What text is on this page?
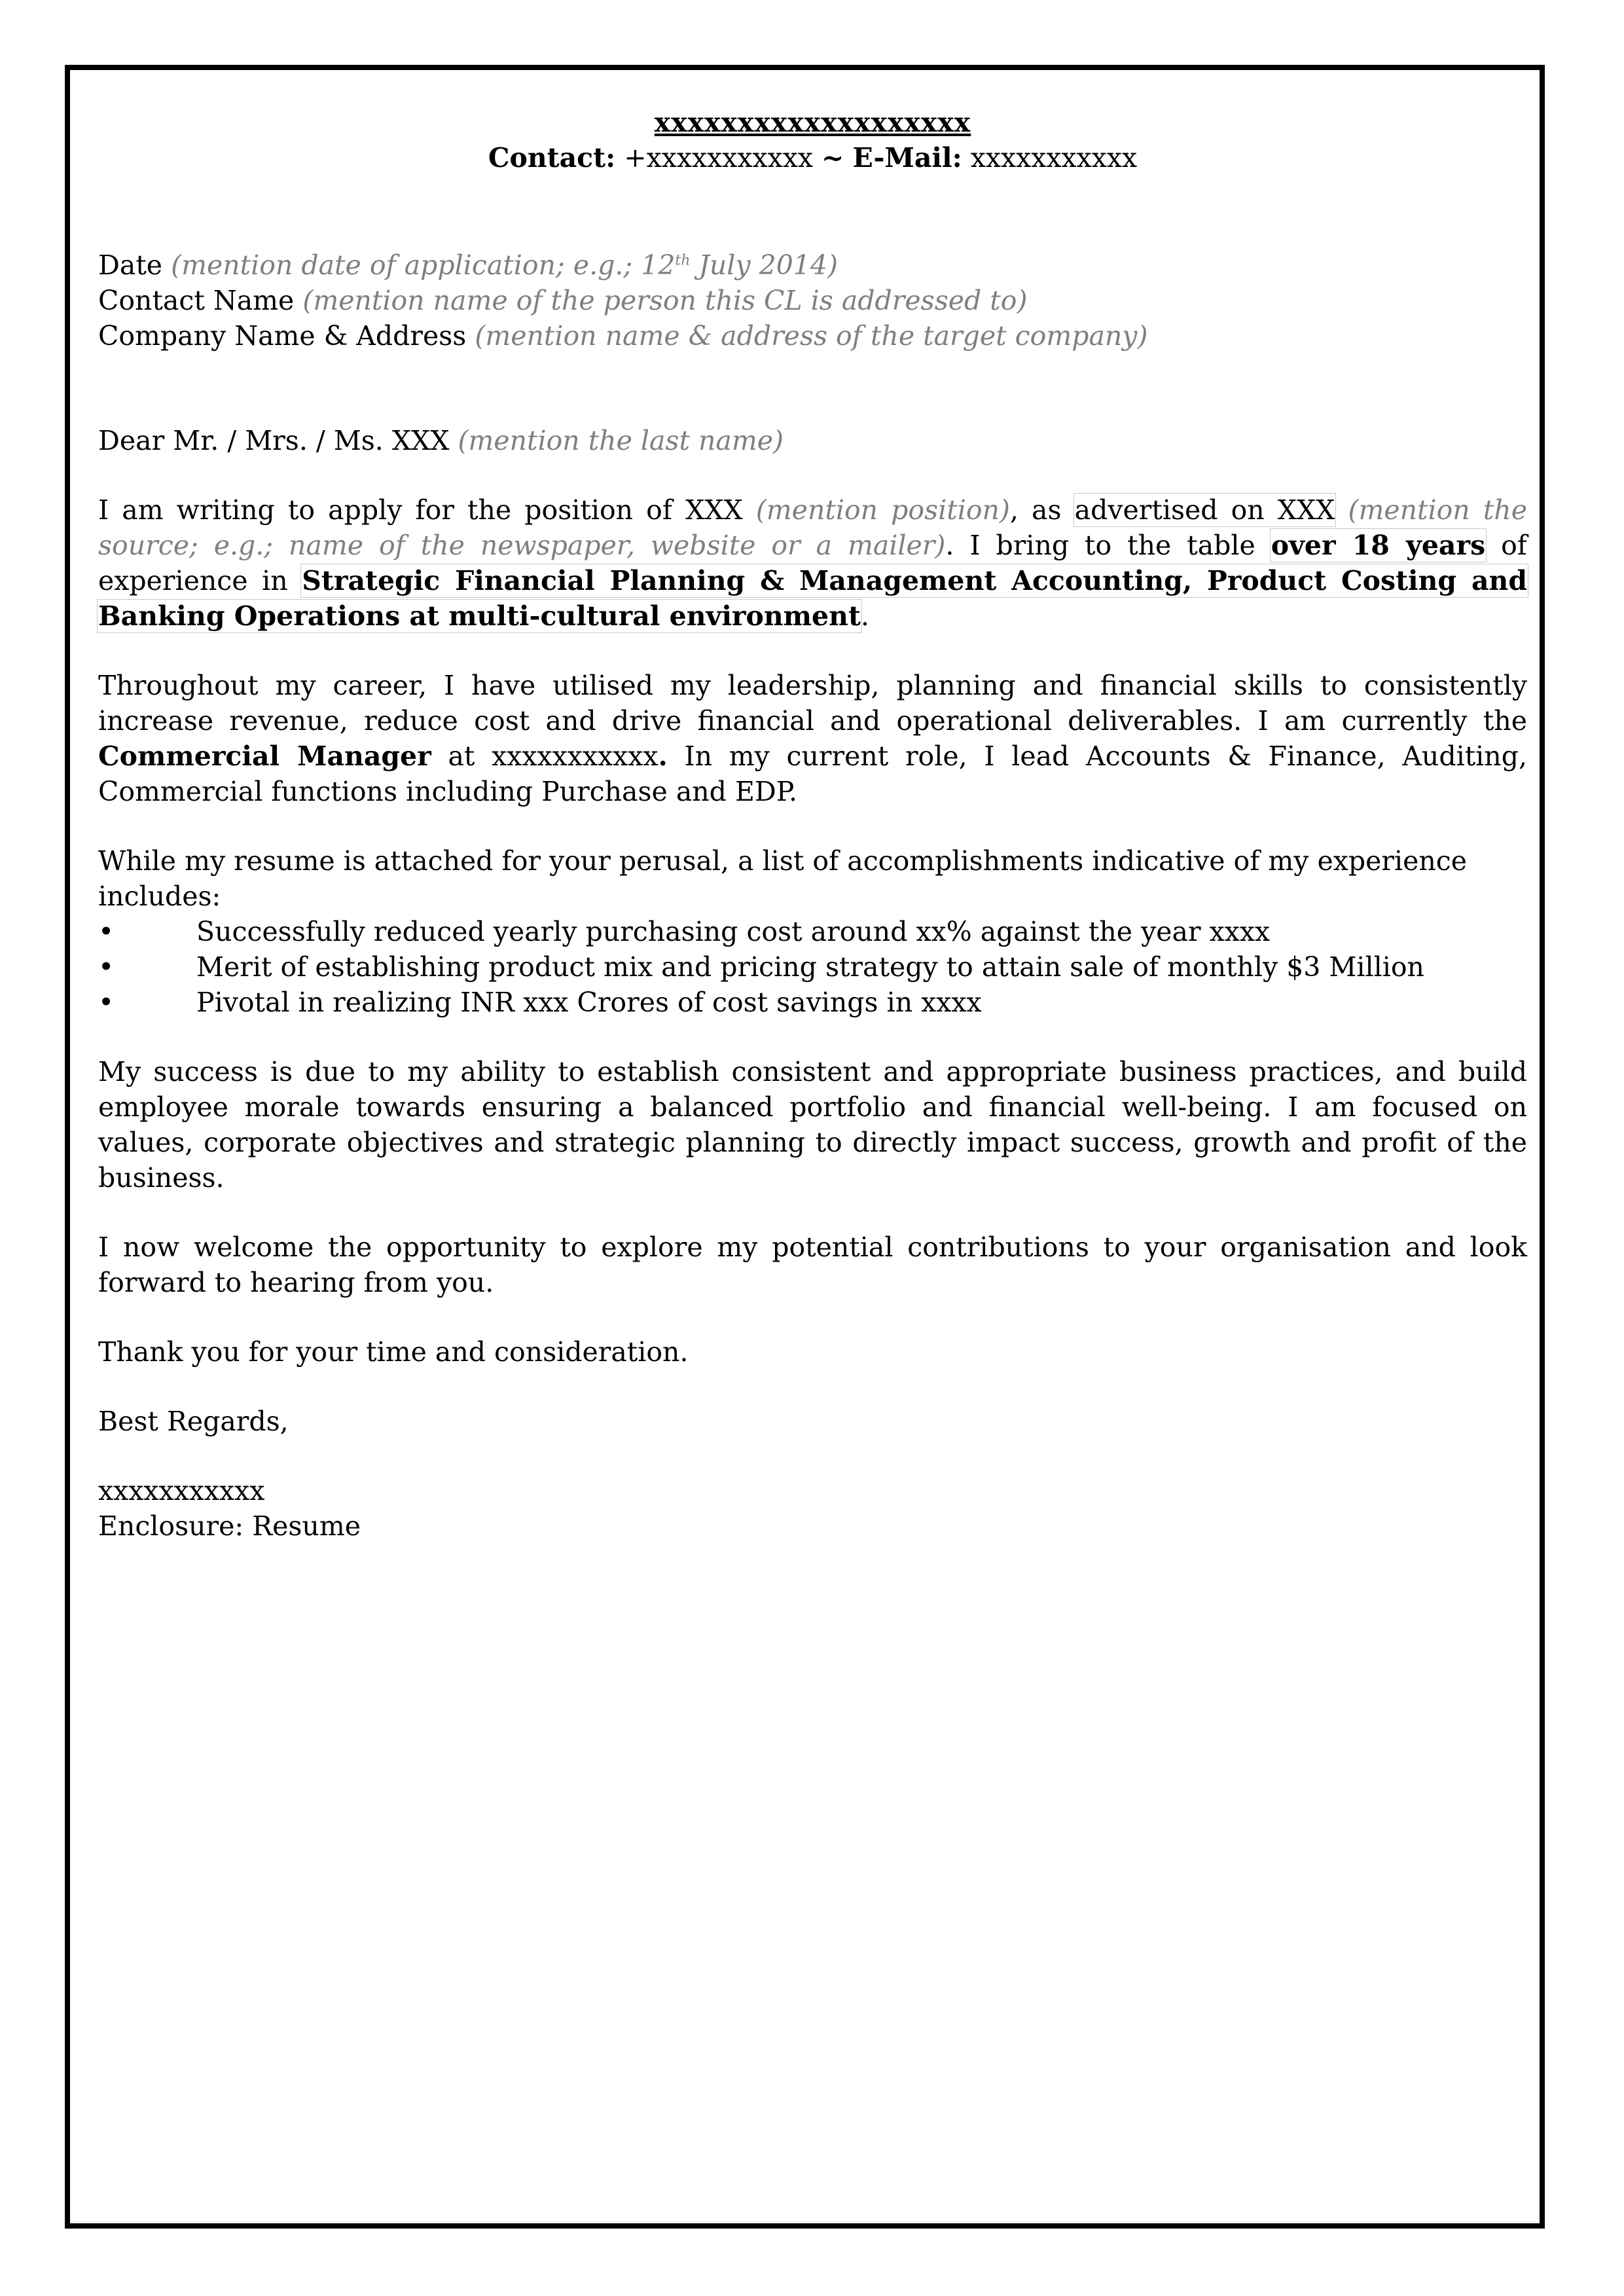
xxxxxxxxxxxxxxxxxxx
Contact: +xxxxxxxxxxx ~ E-Mail: xxxxxxxxxxx

Date (mention date of application; e.g.; 12th July 2014)

Contact Name (mention name of the person this CL is addressed to)

Company Name & Address (mention name & address of the target company)

Dear Mr. / Mrs. / Ms. XXX (mention the last name)

I am writing to apply for the position of XXX (mention position), as advertised on XXX (mention the source; e.g.; name of the newspaper, website or a mailer). I bring to the table over 18 years of experience in Strategic Financial Planning & Management Accounting, Product Costing and Banking Operations at multi-cultural environment.

Throughout my career, I have utilised my leadership, planning and financial skills to consistently increase revenue, reduce cost and drive financial and operational deliverables. I am currently the Commercial Manager at xxxxxxxxxxx. In my current role, I lead Accounts & Finance, Auditing, Commercial functions including Purchase and EDP.

While my resume is attached for your perusal, a list of accomplishments indicative of my experience includes:

•	Successfully reduced yearly purchasing cost around xx% against the year xxxx
•	Merit of establishing product mix and pricing strategy to attain sale of monthly $3 Million
•	Pivotal in realizing INR xxx Crores of cost savings in xxxx

My success is due to my ability to establish consistent and appropriate business practices, and build employee morale towards ensuring a balanced portfolio and financial well-being. I am focused on values, corporate objectives and strategic planning to directly impact success, growth and profit of the business.

I now welcome the opportunity to explore my potential contributions to your organisation and look forward to hearing from you.

Thank you for your time and consideration.

Best Regards,

xxxxxxxxxxx

Enclosure: Resume
